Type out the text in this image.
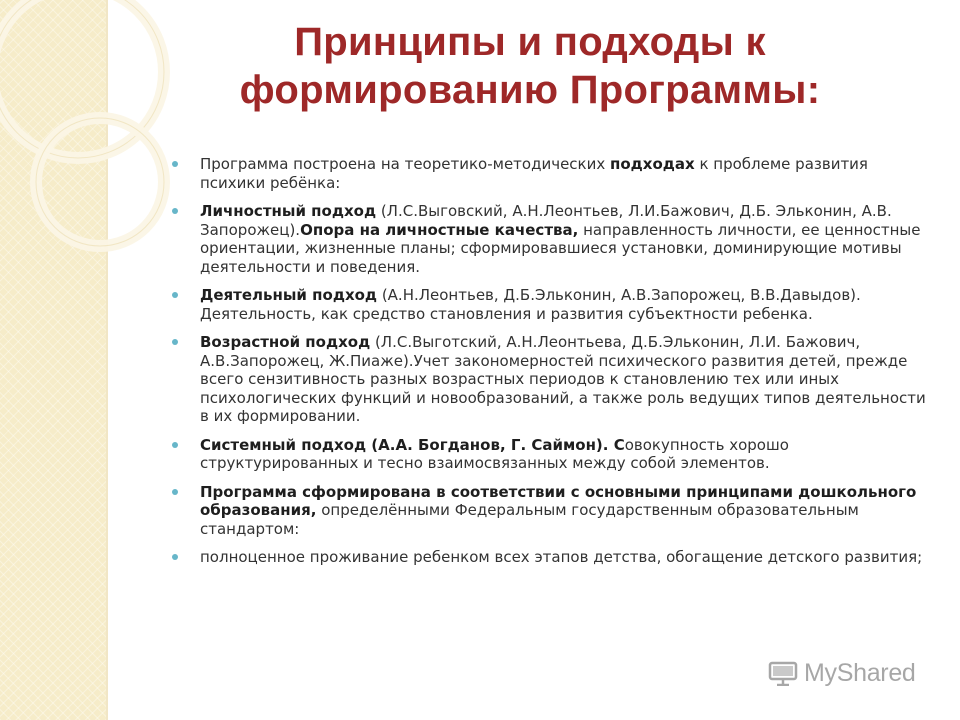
Принципы и подходы к
формированию Программы:
Программа построена на теоретико-методических подходах к проблеме развития психики ребёнка:
Личностный подход (Л.С.Выговский, А.Н.Леонтьев, Л.И.Бажович, Д.Б. Эльконин, А.В. Запорожец).Опора на личностные качества, направленность личности, ее ценностные ориентации, жизненные планы; сформировавшиеся установки, доминирующие мотивы деятельности и поведения.
Деятельный подход (А.Н.Леонтьев, Д.Б.Эльконин, А.В.Запорожец, В.В.Давыдов). Деятельность, как средство становления и развития субъектности ребенка.
Возрастной подход (Л.С.Выготский, А.Н.Леонтьева, Д.Б.Эльконин, Л.И. Бажович, А.В.Запорожец, Ж.Пиаже).Учет закономерностей психического развития детей, прежде всего сензитивность разных возрастных периодов к становлению тех или иных психологических функций и новообразований, а также роль ведущих типов деятельности в их формировании.
Системный подход (А.А. Богданов, Г. Саймон). Совокупность хорошо структурированных и тесно взаимосвязанных между собой элементов.
Программа сформирована в соответствии с основными принципами дошкольного образования, определёнными Федеральным государственным образовательным стандартом:
полноценное проживание ребенком всех этапов детства, обогащение детского развития;
MyShared
